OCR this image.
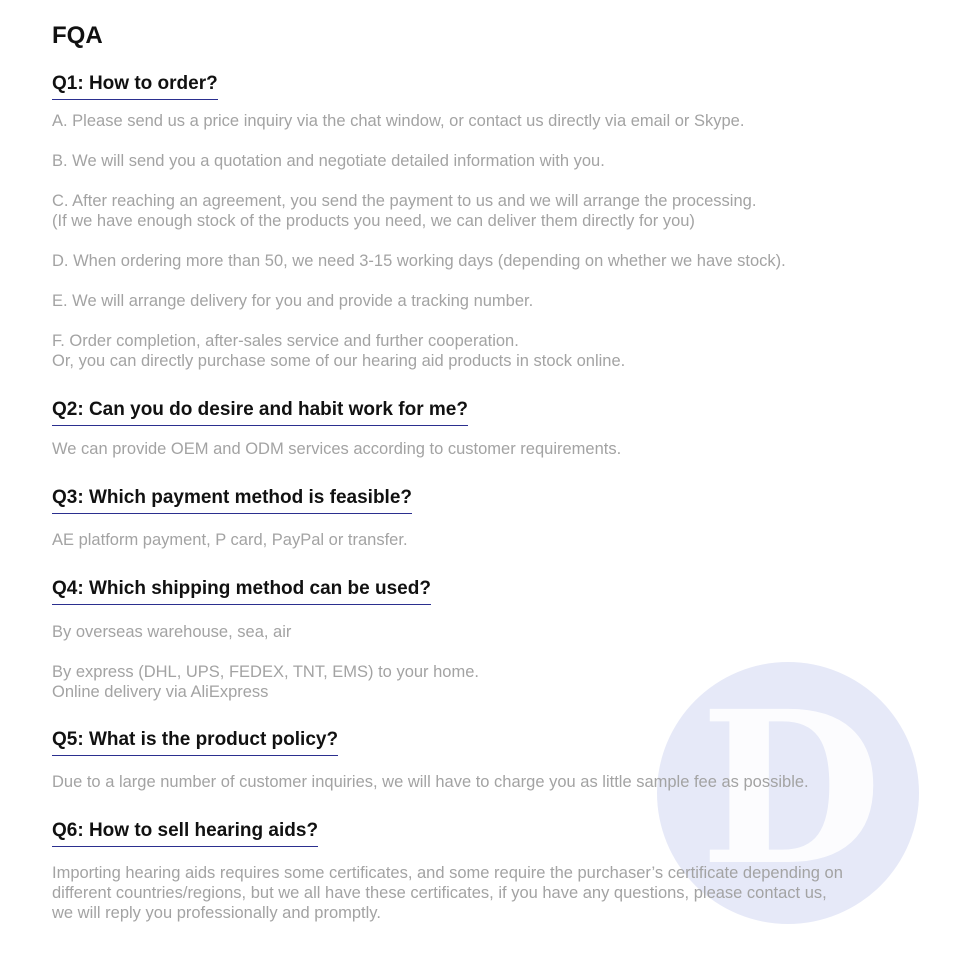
D
FQA
Q1: How to order?

A. Please send us a price inquiry via the chat window, or contact us directly via email or Skype.

B. We will send you a quotation and negotiate detailed information with you.

C. After reaching an agreement, you send the payment to us and we will arrange the processing.
(If we have enough stock of the products you need, we can deliver them directly for you)

D. When ordering more than 50, we need 3-15 working days (depending on whether we have stock).

E. We will arrange delivery for you and provide a tracking number.

F. Order completion, after-sales service and further cooperation.
Or, you can directly purchase some of our hearing aid products in stock online.

Q2: Can you do desire and habit work for me?

We can provide OEM and ODM services according to customer requirements.

Q3: Which payment method is feasible?

AE platform payment, P card, PayPal or transfer.

Q4: Which shipping method can be used?

By overseas warehouse, sea, air

By express (DHL, UPS, FEDEX, TNT, EMS) to your home.
Online delivery via AliExpress

Q5: What is the product policy?

Due to a large number of customer inquiries, we will have to charge you as little sample fee as possible.

Q6: How to sell hearing aids?

Importing hearing aids requires some certificates, and some require the purchaser’s certificate depending on
different countries/regions, but we all have these certificates, if you have any questions, please contact us,
we will reply you professionally and promptly.
